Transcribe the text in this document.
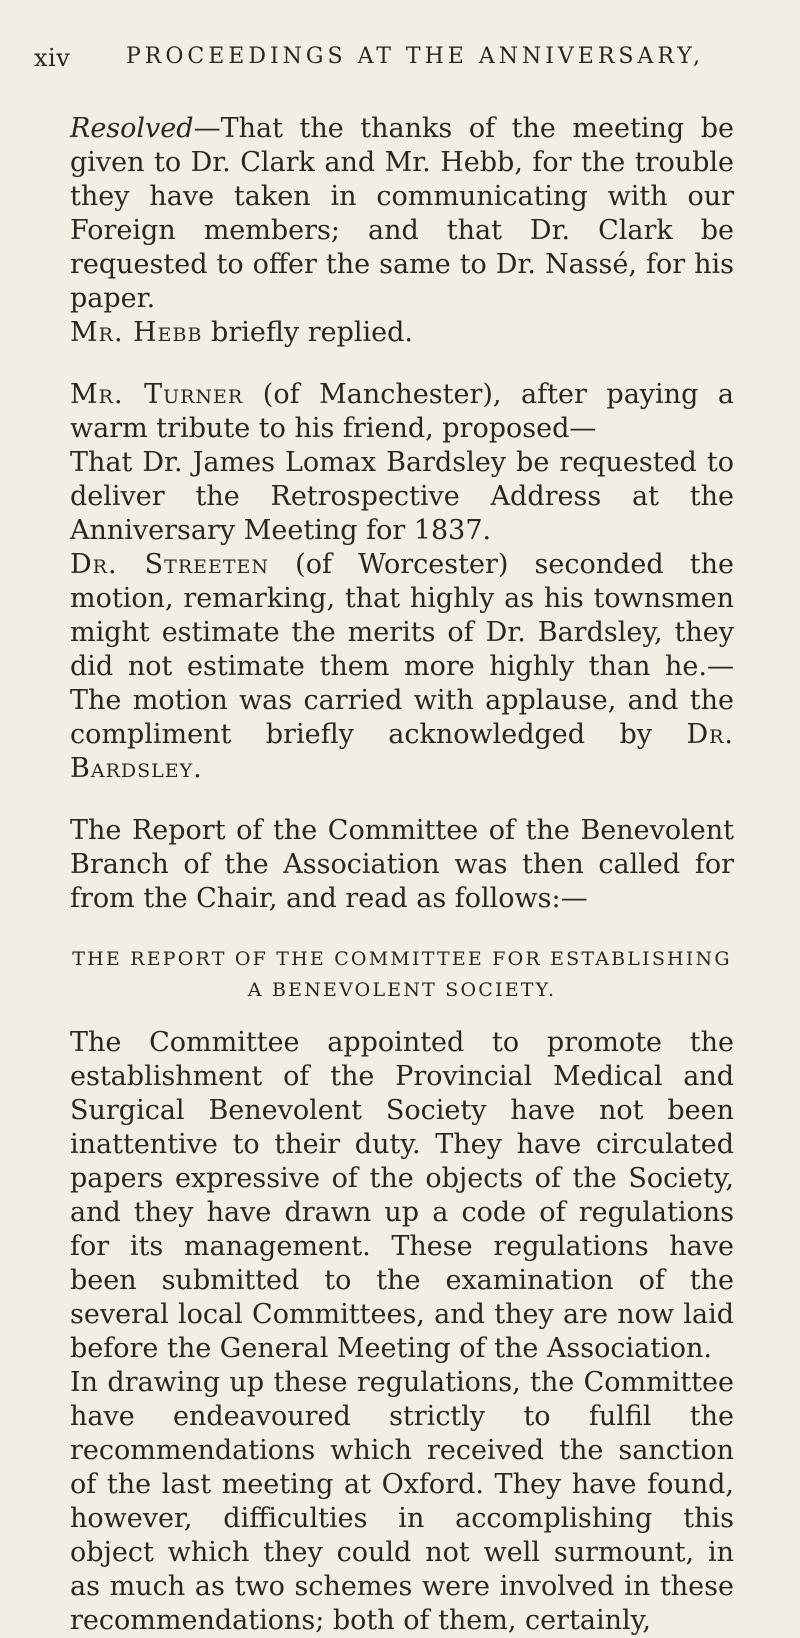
xiv	PROCEEDINGS AT THE ANNIVERSARY,

Resolved—That the thanks of the meeting be given to Dr. Clark and Mr. Hebb, for the trouble they have taken in communicating with our Foreign members; and that Dr. Clark be requested to offer the same to Dr. Nassé, for his paper.

Mr. Hebb briefly replied.

Mr. Turner (of Manchester), after paying a warm tribute to his friend, proposed—

That Dr. James Lomax Bardsley be requested to deliver the Retrospective Address at the Anniversary Meeting for 1837.

Dr. Streeten (of Worcester) seconded the motion, remarking, that highly as his townsmen might estimate the merits of Dr. Bardsley, they did not estimate them more highly than he.—The motion was carried with applause, and the compliment briefly acknowledged by Dr. Bardsley.

The Report of the Committee of the Benevolent Branch of the Association was then called for from the Chair, and read as follows:—

THE REPORT OF THE COMMITTEE FOR ESTABLISHING
A BENEVOLENT SOCIETY.

The Committee appointed to promote the establishment of the Provincial Medical and Surgical Benevolent Society have not been inattentive to their duty. They have circulated papers expressive of the objects of the Society, and they have drawn up a code of regulations for its management. These regulations have been submitted to the examination of the several local Committees, and they are now laid before the General Meeting of the Association.

In drawing up these regulations, the Committee have endeavoured strictly to fulfil the recommendations which received the sanction of the last meeting at Oxford. They have found, however, difficulties in accomplishing this object which they could not well surmount, in as much as two schemes were involved in these recommendations; both of them, certainly,
